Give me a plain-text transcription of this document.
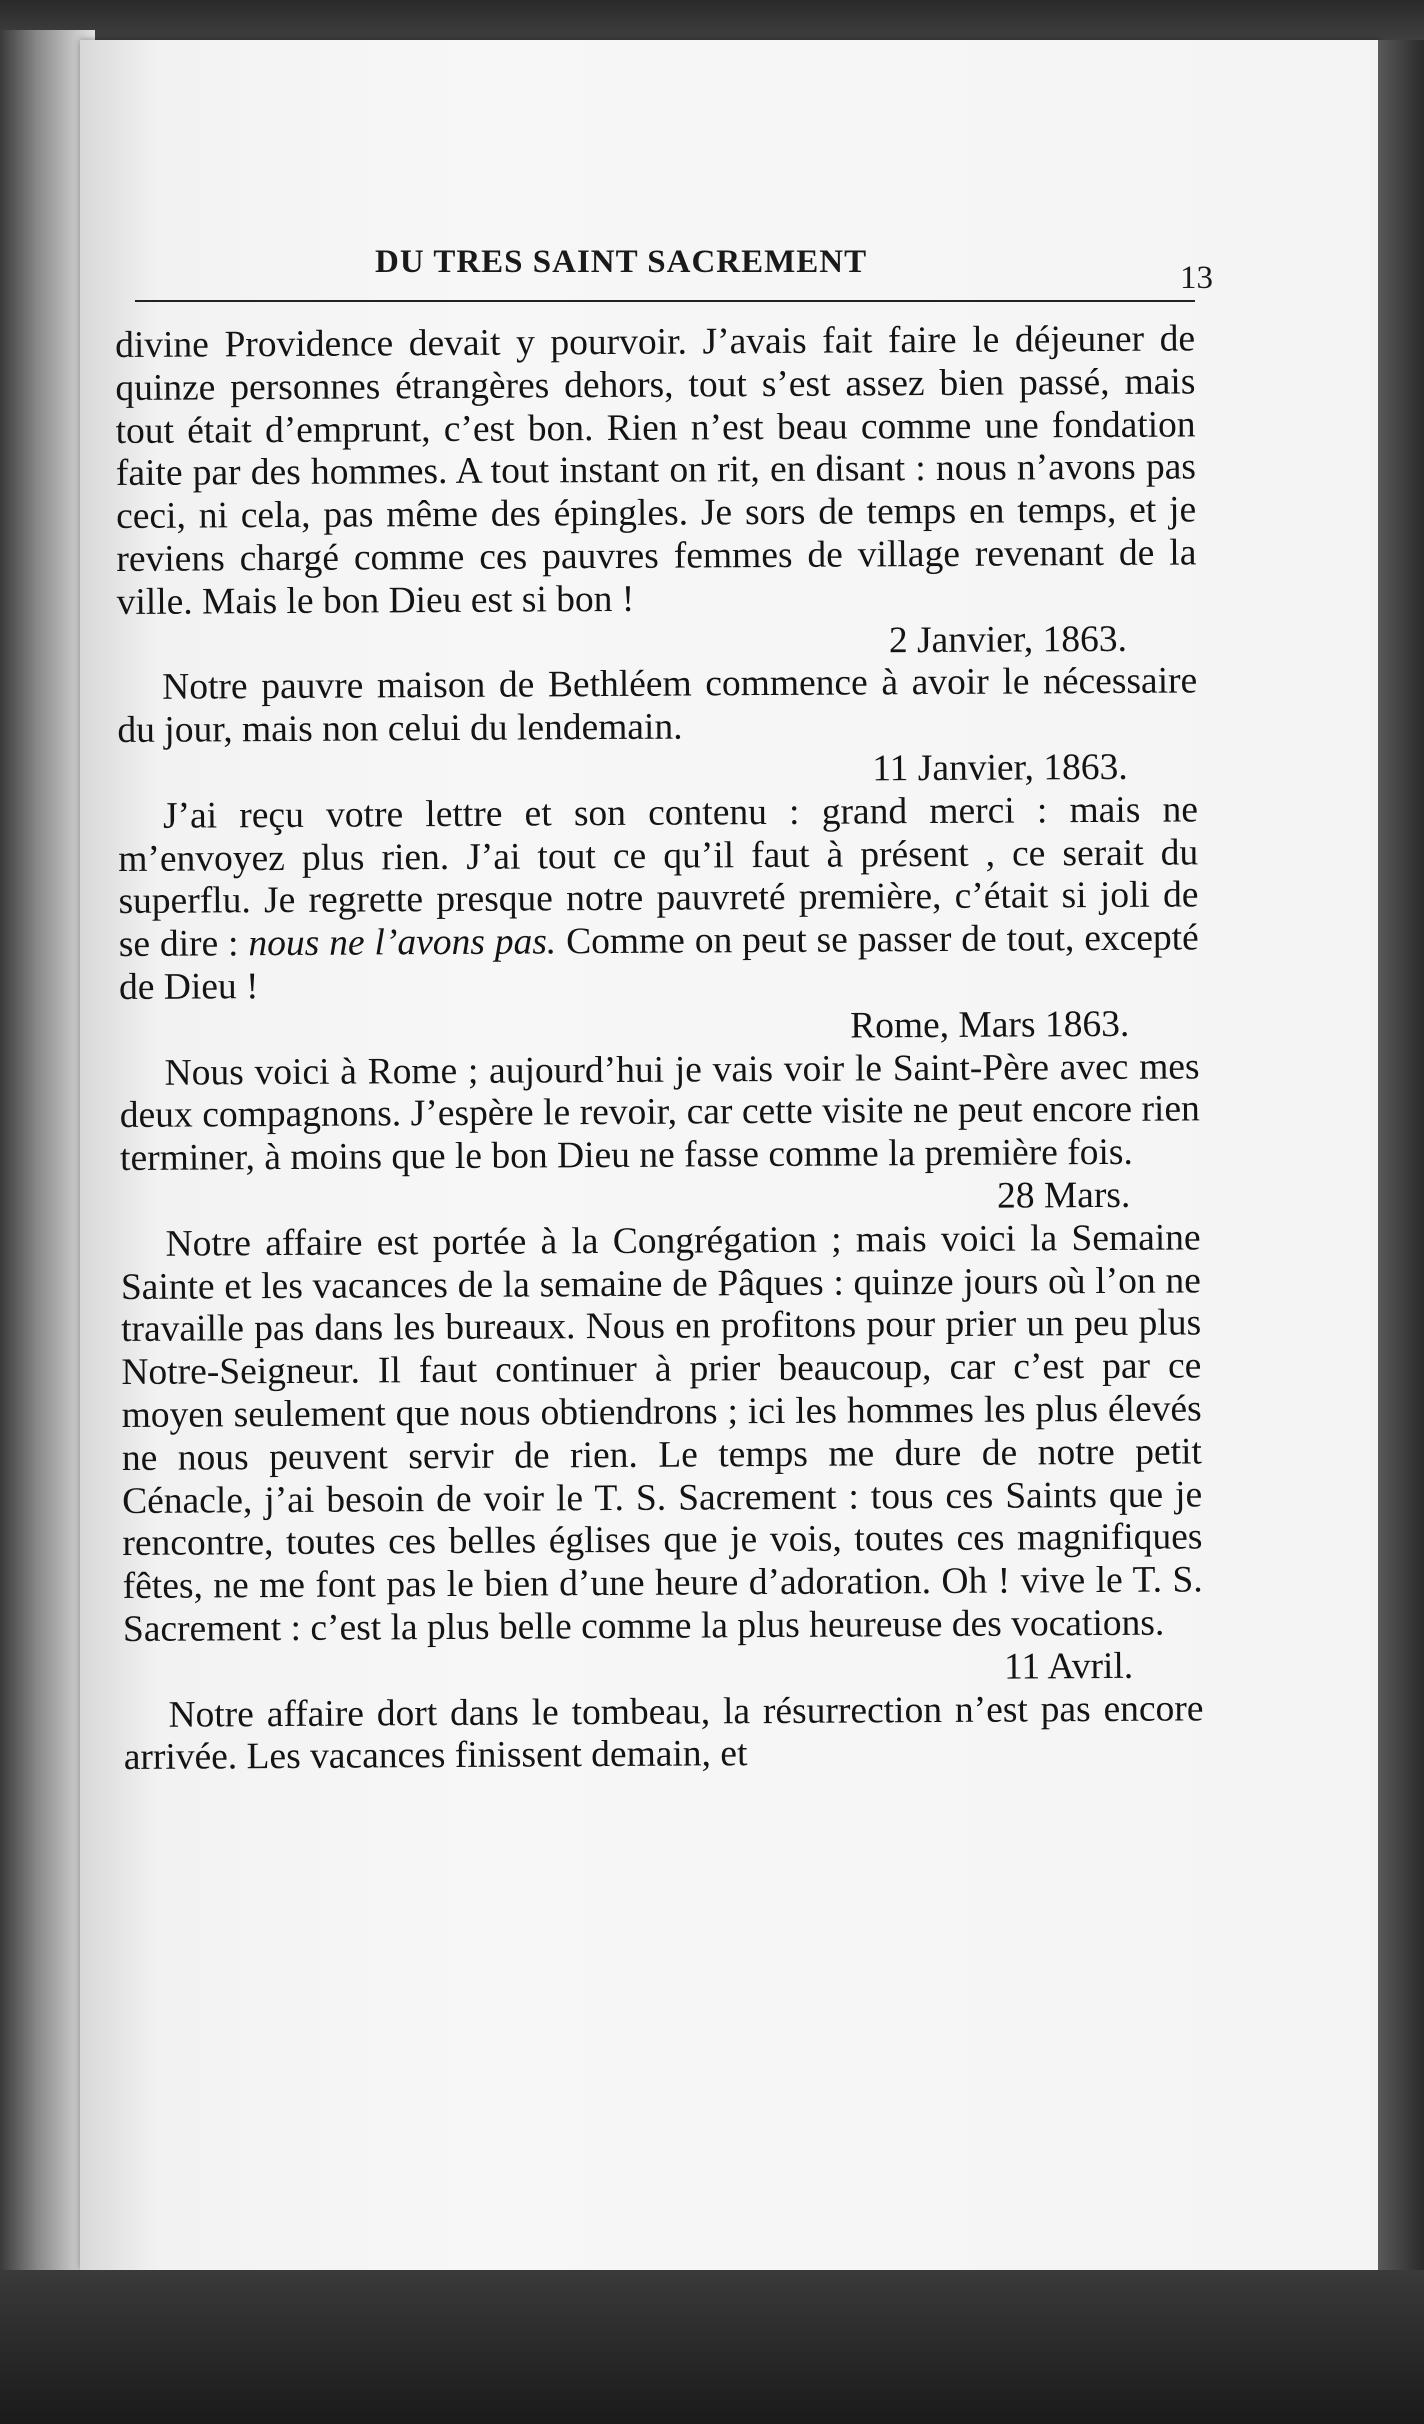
DU TRES SAINT SACREMENT	13

divine Providence devait y pourvoir. J’avais fait faire le déjeuner de quinze personnes étrangères dehors, tout s’est assez bien passé, mais tout était d’emprunt, c’est bon. Rien n’est beau comme une fondation faite par des hommes. A tout instant on rit, en disant : nous n’avons pas ceci, ni cela, pas même des épingles. Je sors de temps en temps, et je reviens chargé comme ces pauvres femmes de village revenant de la ville. Mais le bon Dieu est si bon !

2 Janvier, 1863.

Notre pauvre maison de Bethléem commence à avoir le nécessaire du jour, mais non celui du lendemain.

11 Janvier, 1863.

J’ai reçu votre lettre et son contenu : grand merci : mais ne m’envoyez plus rien. J’ai tout ce qu’il faut à présent , ce serait du superflu. Je regrette presque notre pauvreté première, c’était si joli de se dire : nous ne l’avons pas. Comme on peut se passer de tout, excepté de Dieu !

Rome, Mars 1863.

Nous voici à Rome ; aujourd’hui je vais voir le Saint-Père avec mes deux compagnons. J’espère le revoir, car cette visite ne peut encore rien terminer, à moins que le bon Dieu ne fasse comme la première fois.

28 Mars.

Notre affaire est portée à la Congrégation ; mais voici la Semaine Sainte et les vacances de la semaine de Pâques : quinze jours où l’on ne travaille pas dans les bureaux. Nous en profitons pour prier un peu plus Notre-Seigneur. Il faut continuer à prier beaucoup, car c’est par ce moyen seulement que nous obtiendrons ; ici les hommes les plus élevés ne nous peuvent servir de rien. Le temps me dure de notre petit Cénacle, j’ai besoin de voir le T. S. Sacrement : tous ces Saints que je rencontre, toutes ces belles églises que je vois, toutes ces magnifiques fêtes, ne me font pas le bien d’une heure d’adoration. Oh ! vive le T. S. Sacrement : c’est la plus belle comme la plus heureuse des vocations.

11 Avril.

Notre affaire dort dans le tombeau, la résurrection n’est pas encore arrivée. Les vacances finissent demain, et
